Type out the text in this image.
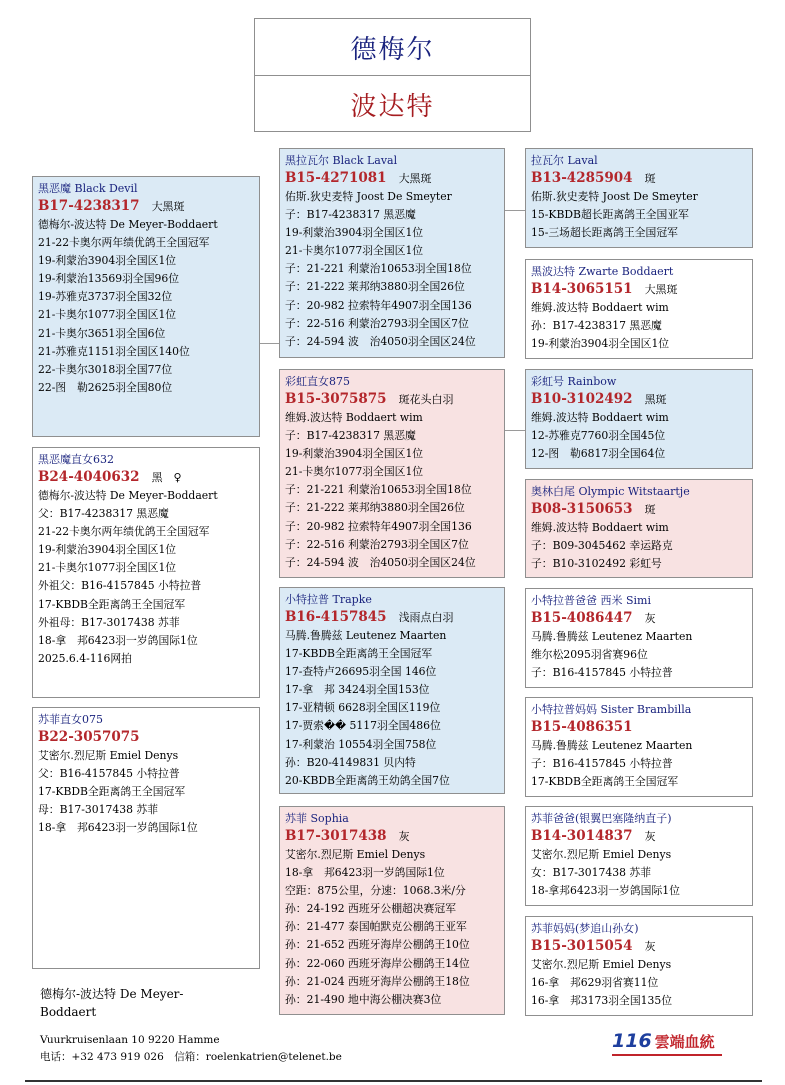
德梅尔
波达特
黑恶魔 Black Devil
B17-4238317 大黑斑
德梅尔-波达特 De Meyer-Boddaert
21-22卡奥尔两年绩优鸽王全国冠军
19-利蒙治3904羽全国区1位
19-利蒙治13569羽全国96位
19-苏雅克3737羽全国32位
21-卡奥尔1077羽全国区1位
21-卡奥尔3651羽全国6位
21-苏雅克1151羽全国区140位
22-卡奥尔3018羽全国77位
22-图　勒2625羽全国80位
黑恶魔直女632
B24-4040632 黑　♀
德梅尔-波达特 De Meyer-Boddaert
父：B17-4238317 黑恶魔
21-22卡奥尔两年绩优鸽王全国冠军
19-利蒙治3904羽全国区1位
21-卡奥尔1077羽全国区1位
外祖父：B16-4157845 小特拉普
17-KBDB全距离鸽王全国冠军
外祖母：B17-3017438 苏菲
18-拿　邦6423羽一岁鸽国际1位
2025.6.4-116网拍
苏菲直女075
B22-3057075
艾密尔.烈尼斯 Emiel Denys
父：B16-4157845 小特拉普
17-KBDB全距离鸽王全国冠军
母：B17-3017438 苏菲
18-拿　邦6423羽一岁鸽国际1位
黑拉瓦尔 Black Laval
B15-4271081 大黑斑
佑斯.狄史麦特 Joost De Smeyter
子：B17-4238317 黑恶魔
19-利蒙治3904羽全国区1位
21-卡奥尔1077羽全国区1位
子：21-221 利蒙治10653羽全国18位
子：21-222 莱邦纳3880羽全国26位
子：20-982 拉索特年4907羽全国136
子：22-516 利蒙治2793羽全国区7位
子：24-594 波　治4050羽全国区24位
彩虹直女875
B15-3075875 斑花头白羽
维姆.波达特 Boddaert wim
子：B17-4238317 黑恶魔
19-利蒙治3904羽全国区1位
21-卡奥尔1077羽全国区1位
子：21-221 利蒙治10653羽全国18位
子：21-222 莱邦纳3880羽全国26位
子：20-982 拉索特年4907羽全国136
子：22-516 利蒙治2793羽全国区7位
子：24-594 波　治4050羽全国区24位
小特拉普 Trapke
B16-4157845 浅雨点白羽
马腾.鲁腾兹 Leutenez Maarten
17-KBDB全距离鸽王全国冠军
17-查特卢26695羽全国 146位
17-拿　邦 3424羽全国153位
17-亚精顿 6628羽全国区119位
17-贾索�� 5117羽全国486位
17-利蒙治 10554羽全国758位
孙：B20-4149831 贝内特
20-KBDB全距离鸽王幼鸽全国7位
苏菲 Sophia
B17-3017438 灰
艾密尔.烈尼斯 Emiel Denys
18-拿　邦6423羽一岁鸽国际1位
空距：875公里，分速：1068.3米/分
孙：24-192 西班牙公棚超决赛冠军
孙：21-477 泰国帕默克公棚鸽王亚军
孙：21-652 西班牙海岸公棚鸽王10位
孙：22-060 西班牙海岸公棚鸽王14位
孙：21-024 西班牙海岸公棚鸽王18位
孙：21-490 地中海公棚决赛3位
拉瓦尔 Laval
B13-4285904 斑
佑斯.狄史麦特 Joost De Smeyter
15-KBDB超长距离鸽王全国亚军
15-三场超长距离鸽王全国冠军
黑波达特 Zwarte Boddaert
B14-3065151 大黑斑
维姆.波达特 Boddaert wim
孙：B17-4238317 黑恶魔
19-利蒙治3904羽全国区1位
彩虹号 Rainbow
B10-3102492 黑斑
维姆.波达特 Boddaert wim
12-苏雅克7760羽全国45位
12-图　勒6817羽全国64位
奥林白尾 Olympic Witstaartje
B08-3150653 斑
维姆.波达特 Boddaert wim
子：B09-3045462 幸运路克
子：B10-3102492 彩虹号
小特拉普爸爸 西米 Simi
B15-4086447 灰
马腾.鲁腾兹 Leutenez Maarten
维尔松2095羽省赛96位
子：B16-4157845 小特拉普
小特拉普妈妈 Sister Brambilla
B15-4086351
马腾.鲁腾兹 Leutenez Maarten
子：B16-4157845 小特拉普
17-KBDB全距离鸽王全国冠军
苏菲爸爸(银翼巴塞隆纳直子)
B14-3014837 灰
艾密尔.烈尼斯 Emiel Denys
女：B17-3017438 苏菲
18-拿邦6423羽一岁鸽国际1位
苏菲妈妈(梦追山孙女)
B15-3015054 灰
艾密尔.烈尼斯 Emiel Denys
16-拿　邦629羽省赛11位
16-拿　邦3173羽全国135位
德梅尔-波达特 De Meyer-
Boddaert
Vuurkruisenlaan 10 9220 Hamme
电话：+32 473 919 026　信箱：roelenkatrien@telenet.be
116 雲端血統
